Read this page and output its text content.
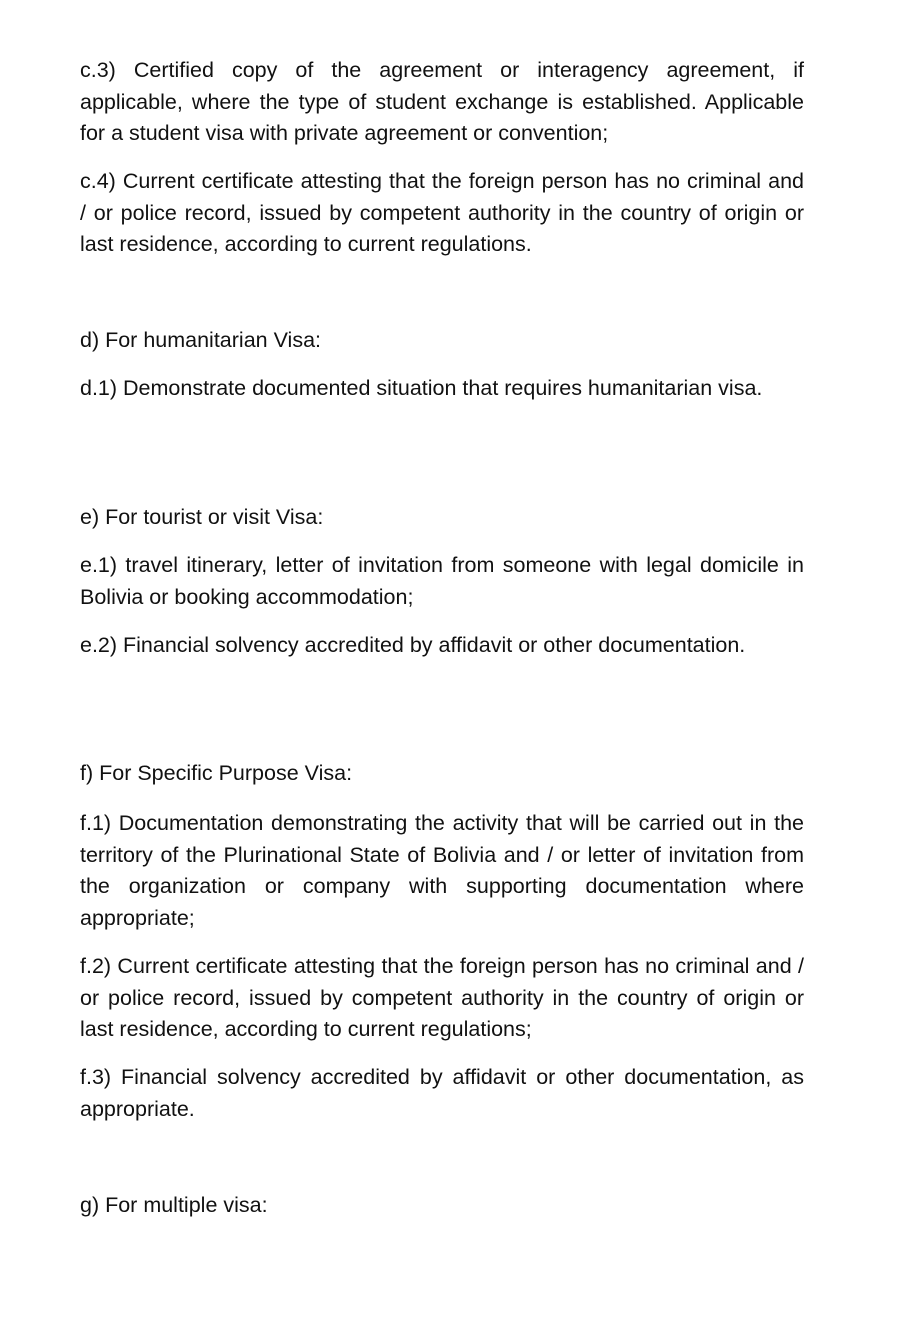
c.3) Certified copy of the agreement or interagency agreement, if applicable, where the type of student exchange is established. Applicable for a student visa with private agreement or convention;

c.4) Current certificate attesting that the foreign person has no criminal and / or police record, issued by competent authority in the country of origin or last residence, according to current regulations.

d) For humanitarian Visa:

d.1) Demonstrate documented situation that requires humanitarian visa.

e) For tourist or visit Visa:

e.1) travel itinerary, letter of invitation from someone with legal domicile in Bolivia or booking accommodation;

e.2) Financial solvency accredited by affidavit or other documentation.

f) For Specific Purpose Visa:

f.1) Documentation demonstrating the activity that will be carried out in the territory of the Plurinational State of Bolivia and / or letter of invitation from the organization or company with supporting documentation where appropriate;

f.2) Current certificate attesting that the foreign person has no criminal and / or police record, issued by competent authority in the country of origin or last residence, according to current regulations;

f.3) Financial solvency accredited by affidavit or other documentation, as appropriate.

g) For multiple visa:
